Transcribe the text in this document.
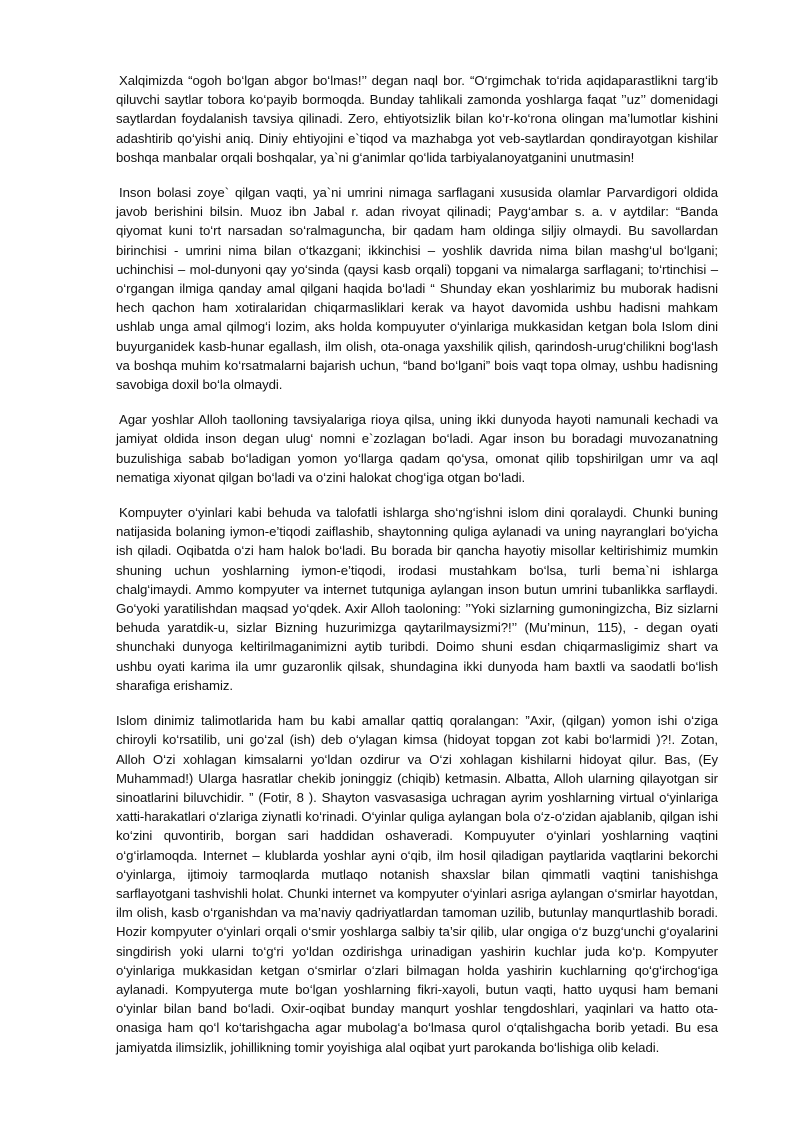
Xalqimizda “ogoh bo‘lgan abgor bo‘lmas!’’ degan naql bor. “O‘rgimchak to‘rida aqidaparastlikni targ‘ib qiluvchi saytlar tobora ko‘payib bormoqda. Bunday tahlikali zamonda yoshlarga faqat ’’uz’’ domenidagi saytlardan foydalanish tavsiya qilinadi. Zero, ehtiyotsizlik bilan ko‘r-ko‘rona olingan ma’lumotlar kishini adashtirib qo‘yishi aniq. Diniy ehtiyojini e`tiqod va mazhabga yot veb-saytlardan qondirayotgan kishilar boshqa manbalar orqali boshqalar, ya`ni g‘animlar qo‘lida tarbiyalanoyatganini unutmasin!

Inson bolasi zoye` qilgan vaqti, ya`ni umrini nimaga sarflagani xususida olamlar Parvardigori oldida javob berishini bilsin. Muoz ibn Jabal r. adan rivoyat qilinadi; Payg‘ambar s. a. v aytdilar: “Banda qiyomat kuni to‘rt narsadan so‘ralmaguncha, bir qadam ham oldinga siljiy olmaydi. Bu savollardan birinchisi - umrini nima bilan o‘tkazgani; ikkinchisi – yoshlik davrida nima bilan mashg‘ul bo‘lgani; uchinchisi – mol-dunyoni qay yo‘sinda (qaysi kasb orqali) topgani va nimalarga sarflagani; to‘rtinchisi – o‘rgangan ilmiga qanday amal qilgani haqida bo‘ladi “ Shunday ekan yoshlarimiz bu muborak hadisni hech qachon ham xotiralaridan chiqarmasliklari kerak va hayot davomida ushbu hadisni mahkam ushlab unga amal qilmog‘i lozim, aks holda kompuyuter o‘yinlariga mukkasidan ketgan bola Islom dini buyurganidek kasb-hunar egallash, ilm olish, ota-onaga yaxshilik qilish, qarindosh-urug‘chilikni bog‘lash va boshqa muhim ko‘rsatmalarni bajarish uchun, “band bo‘lgani” bois vaqt topa olmay, ushbu hadisning savobiga doxil bo‘la olmaydi.

Agar yoshlar Alloh taolloning tavsiyalariga rioya qilsa, uning ikki dunyoda hayoti namunali kechadi va jamiyat oldida inson degan ulug‘ nomni e`zozlagan bo‘ladi. Agar inson bu boradagi muvozanatning buzulishiga sabab bo‘ladigan yomon yo‘llarga qadam qo‘ysa, omonat qilib topshirilgan umr va aql nematiga xiyonat qilgan bo‘ladi va o‘zini halokat chog‘iga otgan bo‘ladi.

Kompuyter o‘yinlari kabi behuda va talofatli ishlarga sho‘ng‘ishni islom dini qoralaydi. Chunki buning natijasida bolaning iymon-e’tiqodi zaiflashib, shaytonning quliga aylanadi va uning nayranglari bo‘yicha ish qiladi. Oqibatda o‘zi ham halok bo‘ladi. Bu borada bir qancha hayotiy misollar keltirishimiz mumkin shuning uchun yoshlarning iymon-e’tiqodi, irodasi mustahkam bo‘lsa, turli bema`ni ishlarga chalg‘imaydi. Ammo kompyuter va internet tutquniga aylangan inson butun umrini tubanlikka sarflaydi. Go‘yoki yaratilishdan maqsad yo‘qdek. Axir Alloh taoloning: ’’Yoki sizlarning gumoningizcha, Biz sizlarni behuda yaratdik-u, sizlar Bizning huzurimizga qaytarilmaysizmi?!’’ (Mu’minun, 115), - degan oyati shunchaki dunyoga keltirilmaganimizni aytib turibdi. Doimo shuni esdan chiqarmasligimiz shart va ushbu oyati karima ila umr guzaronlik qilsak, shundagina ikki dunyoda ham baxtli va saodatli bo‘lish sharafiga erishamiz.

Islom dinimiz talimotlarida ham bu kabi amallar qattiq qoralangan: ”Axir, (qilgan) yomon ishi o‘ziga chiroyli ko‘rsatilib, uni go‘zal (ish) deb o‘ylagan kimsa (hidoyat topgan zot kabi bo‘larmidi )?!. Zotan, Alloh O‘zi xohlagan kimsalarni yo‘ldan ozdirur va O‘zi xohlagan kishilarni hidoyat qilur. Bas, (Ey Muhammad!) Ularga hasratlar chekib joninggiz (chiqib) ketmasin. Albatta, Alloh ularning qilayotgan sir sinoatlarini biluvchidir. ” (Fotir, 8 ). Shayton vasvasasiga uchragan ayrim yoshlarning virtual o‘yinlariga xatti-harakatlari o‘zlariga ziynatli ko‘rinadi. O‘yinlar quliga aylangan bola o‘z-o‘zidan ajablanib, qilgan ishi ko‘zini quvontirib, borgan sari haddidan oshaveradi. Kompuyuter o‘yinlari yoshlarning vaqtini o‘g‘irlamoqda. Internet – klublarda yoshlar ayni o‘qib, ilm hosil qiladigan paytlarida vaqtlarini bekorchi o‘yinlarga, ijtimoiy tarmoqlarda mutlaqo notanish shaxslar bilan qimmatli vaqtini tanishishga sarflayotgani tashvishli holat. Chunki internet va kompyuter o‘yinlari asriga aylangan o‘smirlar hayotdan, ilm olish, kasb o‘rganishdan va ma’naviy qadriyatlardan tamoman uzilib, butunlay manqurtlashib boradi. Hozir kompyuter o‘yinlari orqali o‘smir yoshlarga salbiy ta’sir qilib, ular ongiga o‘z buzg‘unchi g‘oyalarini singdirish yoki ularni to‘g‘ri yo‘ldan ozdirishga urinadigan yashirin kuchlar juda ko‘p. Kompyuter o‘yinlariga mukkasidan ketgan o‘smirlar o‘zlari bilmagan holda yashirin kuchlarning qo‘g‘irchog‘iga aylanadi. Kompyuterga mute bo‘lgan yoshlarning fikri-xayoli, butun vaqti, hatto uyqusi ham bemani o‘yinlar bilan band bo‘ladi. Oxir-oqibat bunday manqurt yoshlar tengdoshlari, yaqinlari va hatto ota-onasiga ham qo‘l ko‘tarishgacha agar mubolag‘a bo‘lmasa qurol o‘qtalishgacha borib yetadi. Bu esa jamiyatda ilimsizlik, johillikning tomir yoyishiga alal oqibat yurt parokanda bo‘lishiga olib keladi.
